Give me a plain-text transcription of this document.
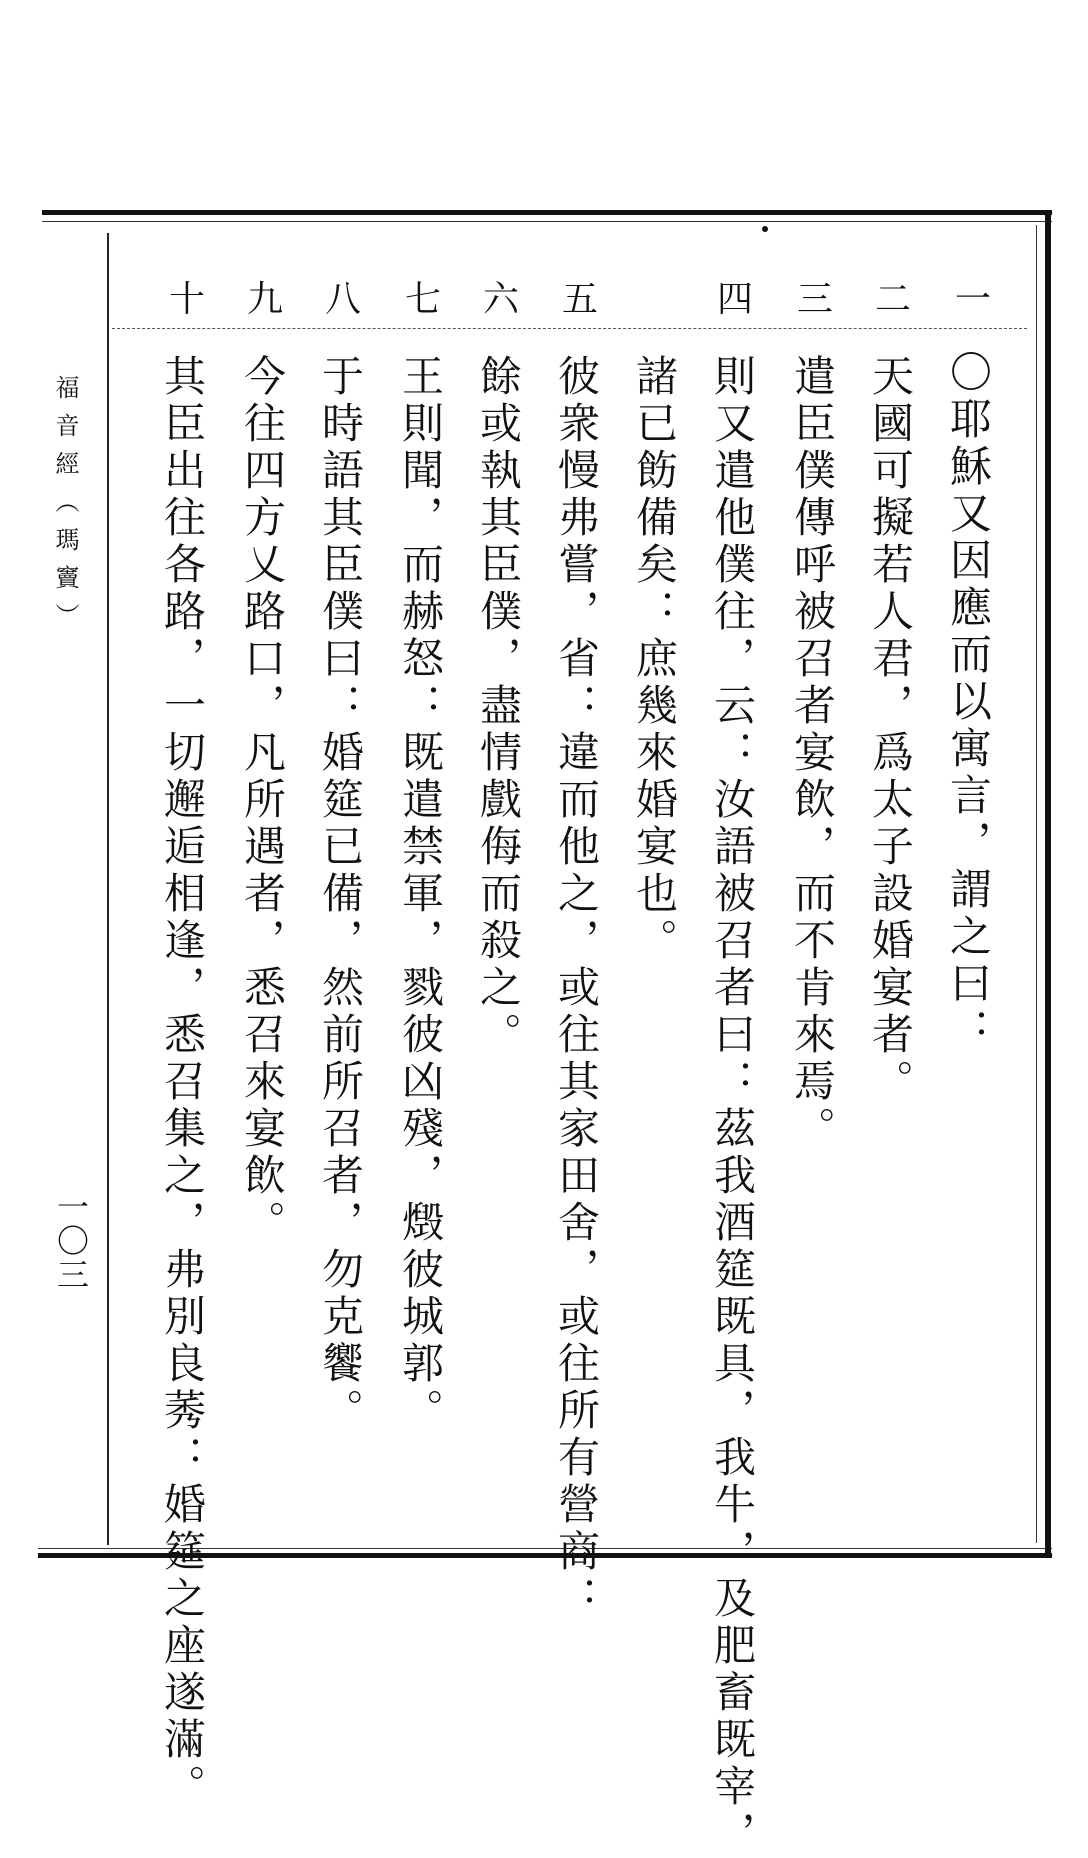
福音經（瑪竇）
一〇三
一
二
三
四
五
六
七
八
九
十
〇耶穌又因應而以寓言，謂之曰：
天國可擬若人君，爲太子設婚宴者。
遣臣僕傳呼被召者宴飲，而不肯來焉。
則又遣他僕往，云：汝語被召者曰：茲我酒筵既具，我牛，及肥畜既宰，
諸已飭備矣：庶幾來婚宴也。
彼衆慢弗嘗，省：違而他之，或往其家田舍，或往所有營商：
餘或執其臣僕，盡情戲侮而殺之。
王則聞，而赫怒：既遣禁軍，戮彼凶殘，燬彼城郭。
于時語其臣僕曰：婚筵已備，然前所召者，勿克饗。
今往四方乂路口，凡所遇者，悉召來宴飲。
其臣出往各路，一切邂逅相逢，悉召集之，弗別良莠：婚筵之座遂滿。
